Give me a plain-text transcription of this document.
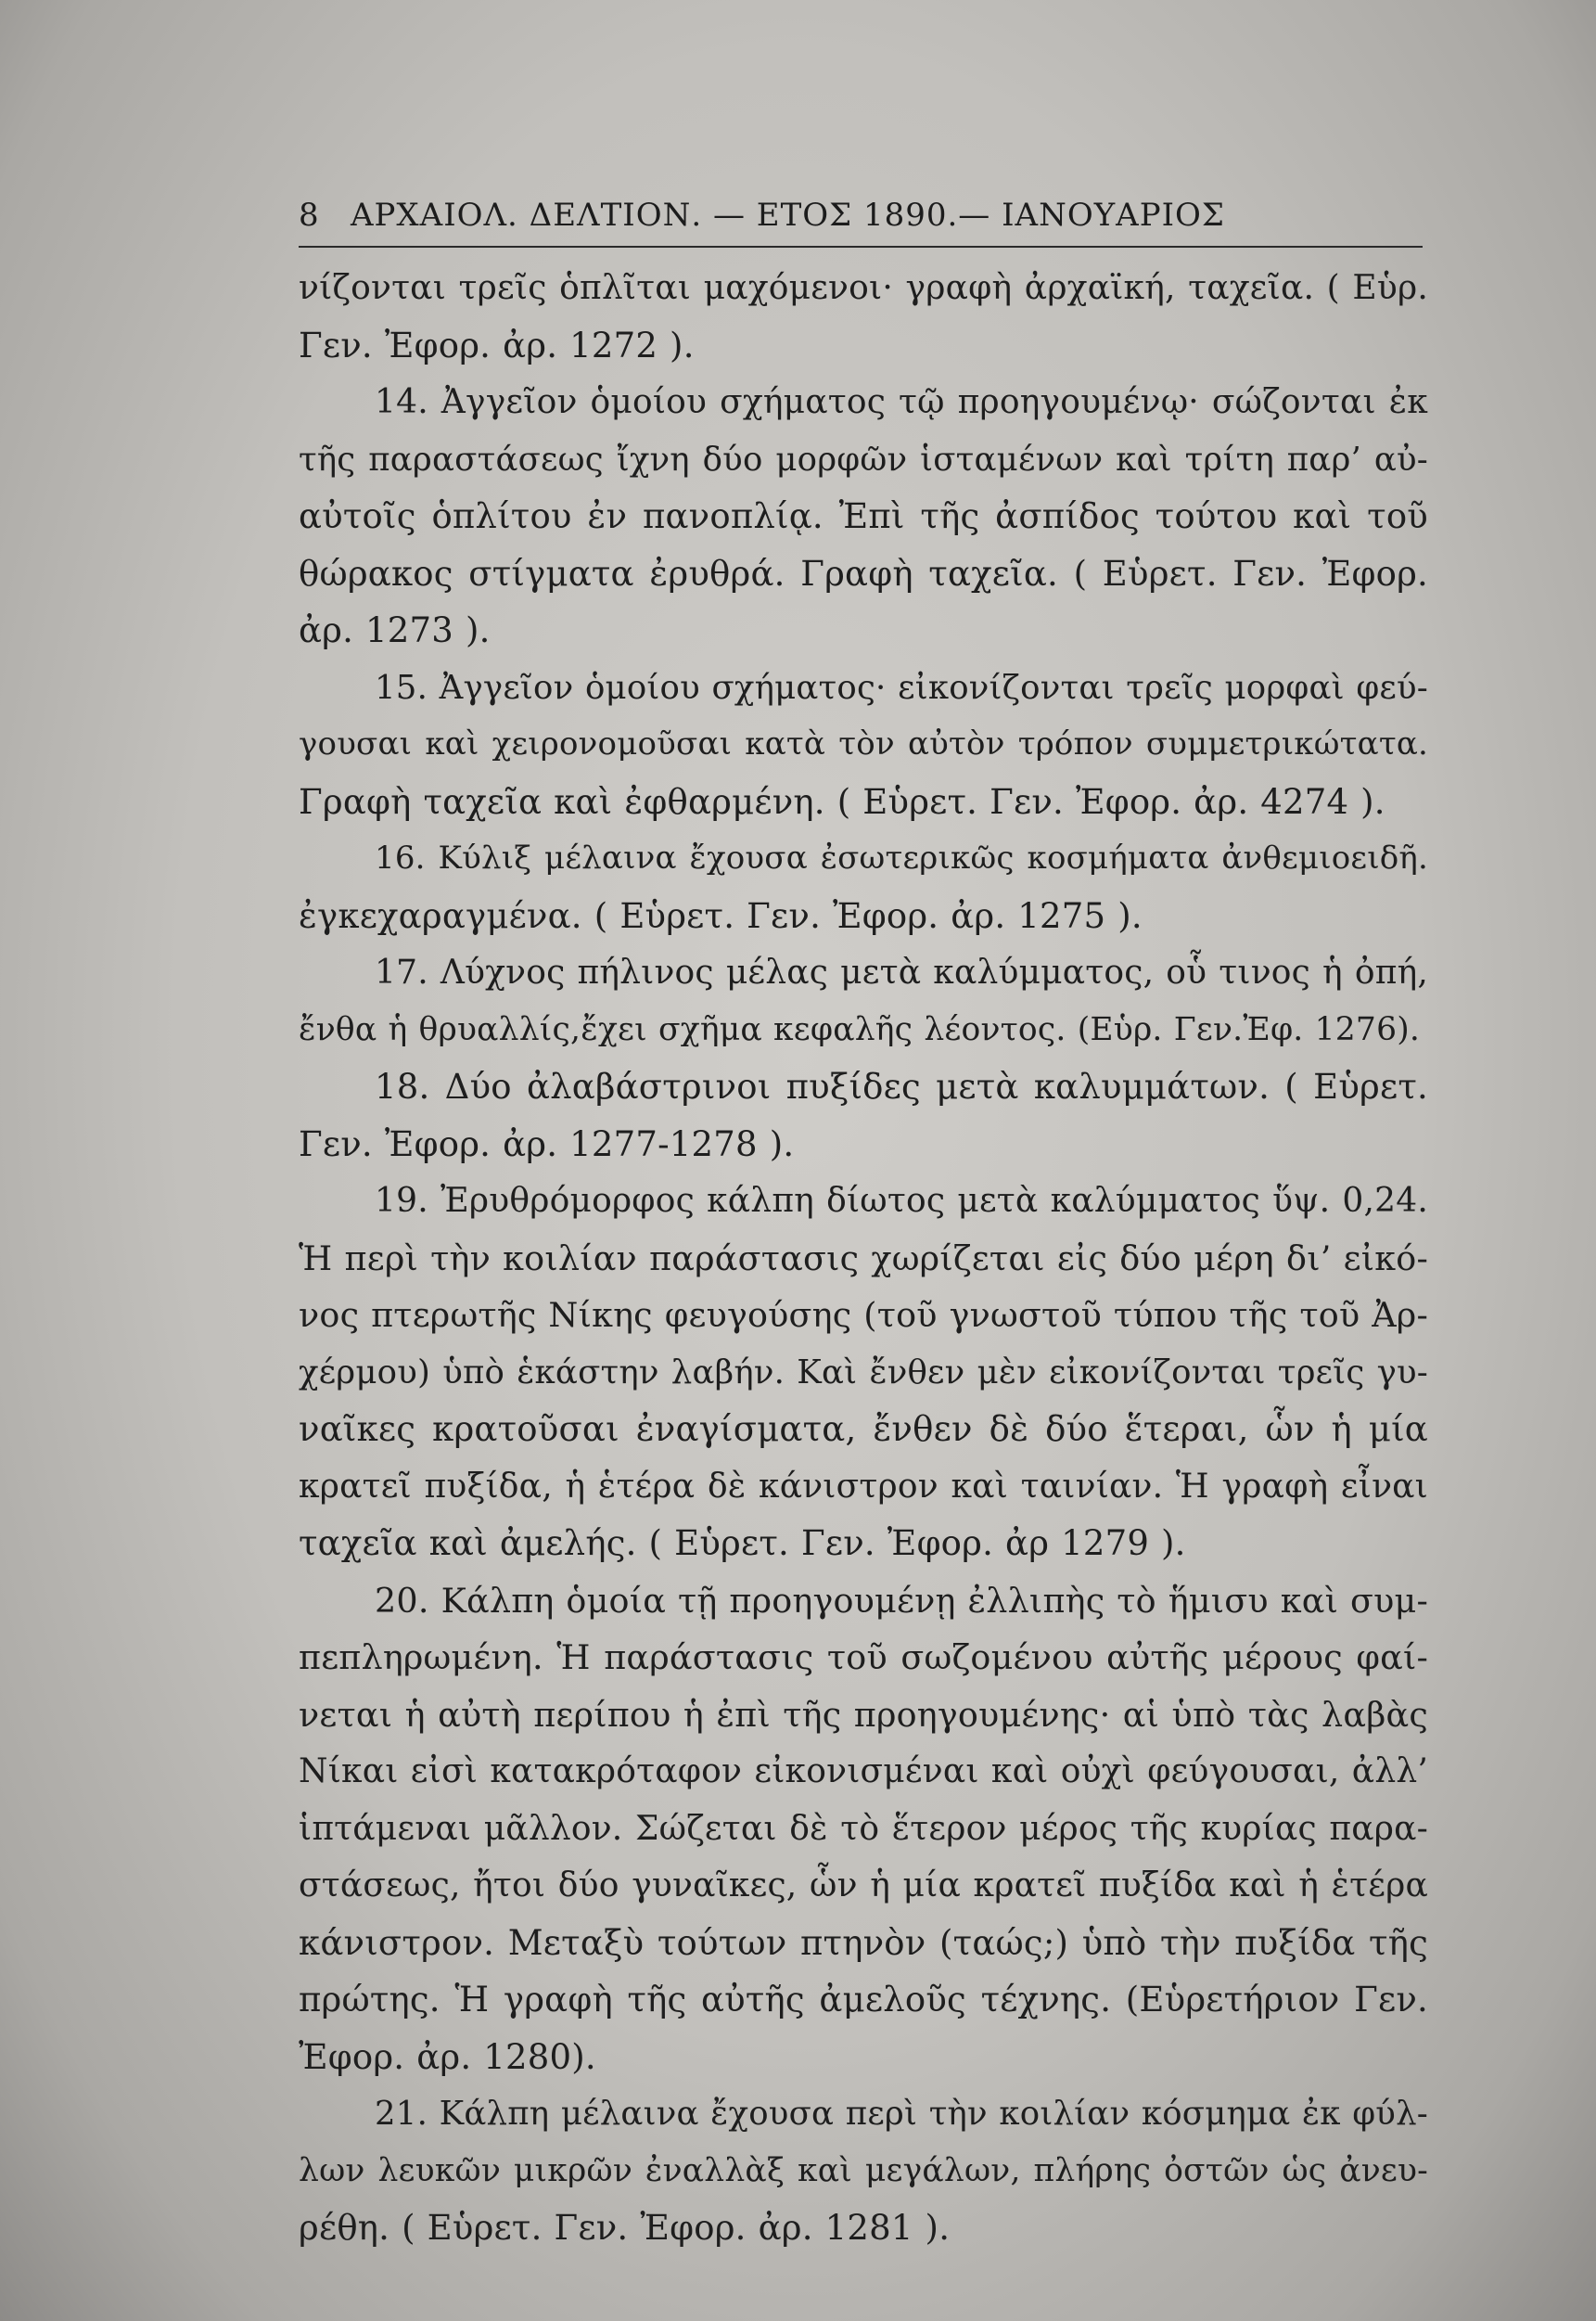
8 ΑΡΧΑΙΟΛ. ΔΕΛΤΙΟΝ. — ΕΤΟΣ 1890.— ΙΑΝΟΥΑΡΙΟΣ
νίζονται τρεῖς ὁπλῖται μαχόμενοι· γραφὴ ἀρχαϊκή, ταχεῖα. ( Εὑρ.
Γεν. Ἐφορ. ἀρ. 1272 ).
14. Ἀγγεῖον ὁμοίου σχήματος τῷ προηγουμένῳ· σώζονται ἐκ
τῆς παραστάσεως ἴχνη δύο μορφῶν ἱσταμένων καὶ τρίτη παρ’ αὐ-
αὐτοῖς ὁπλίτου ἐν πανοπλίᾳ. Ἐπὶ τῆς ἀσπίδος τούτου καὶ τοῦ
θώρακος στίγματα ἐρυθρά. Γραφὴ ταχεῖα. ( Εὑρετ. Γεν. Ἐφορ.
ἀρ. 1273 ).
15. Ἀγγεῖον ὁμοίου σχήματος· εἰκονίζονται τρεῖς μορφαὶ φεύ-
γουσαι καὶ χειρονομοῦσαι κατὰ τὸν αὐτὸν τρόπον συμμετρικώτατα.
Γραφὴ ταχεῖα καὶ ἐφθαρμένη. ( Εὑρετ. Γεν. Ἐφορ. ἀρ. 4274 ).
16. Κύλιξ μέλαινα ἔχουσα ἐσωτερικῶς κοσμήματα ἀνθεμιοειδῆ.
ἐγκεχαραγμένα. ( Εὑρετ. Γεν. Ἐφορ. ἀρ. 1275 ).
17. Λύχνος πήλινος μέλας μετὰ καλύμματος, οὗ τινος ἡ ὀπή,
ἔνθα ἡ θρυαλλίς,ἔχει σχῆμα κεφαλῆς λέοντος. (Εὑρ. Γεν.Ἐφ. 1276).
18. Δύο ἀλαβάστρινοι πυξίδες μετὰ καλυμμάτων. ( Εὑρετ.
Γεν. Ἐφορ. ἀρ. 1277-1278 ).
19. Ἐρυθρόμορφος κάλπη δίωτος μετὰ καλύμματος ὕψ. 0,24.
Ἡ περὶ τὴν κοιλίαν παράστασις χωρίζεται εἰς δύο μέρη δι’ εἰκό-
νος πτερωτῆς Νίκης φευγούσης (τοῦ γνωστοῦ τύπου τῆς τοῦ Ἀρ-
χέρμου) ὑπὸ ἑκάστην λαβήν. Καὶ ἔνθεν μὲν εἰκονίζονται τρεῖς γυ-
ναῖκες κρατοῦσαι ἐναγίσματα, ἔνθεν δὲ δύο ἕτεραι, ὧν ἡ μία
κρατεῖ πυξίδα, ἡ ἑτέρα δὲ κάνιστρον καὶ ταινίαν. Ἡ γραφὴ εἶναι
ταχεῖα καὶ ἀμελής. ( Εὑρετ. Γεν. Ἐφορ. ἀρ 1279 ).
20. Κάλπη ὁμοία τῇ προηγουμένῃ ἐλλιπὴς τὸ ἥμισυ καὶ συμ-
πεπληρωμένη. Ἡ παράστασις τοῦ σωζομένου αὐτῆς μέρους φαί-
νεται ἡ αὐτὴ περίπου ἡ ἐπὶ τῆς προηγουμένης· αἱ ὑπὸ τὰς λαβὰς
Νίκαι εἰσὶ κατακρόταφον εἰκονισμέναι καὶ οὐχὶ φεύγουσαι, ἀλλ’
ἱπτάμεναι μᾶλλον. Σώζεται δὲ τὸ ἕτερον μέρος τῆς κυρίας παρα-
στάσεως, ἤτοι δύο γυναῖκες, ὧν ἡ μία κρατεῖ πυξίδα καὶ ἡ ἑτέρα
κάνιστρον. Μεταξὺ τούτων πτηνὸν (ταώς;) ὑπὸ τὴν πυξίδα τῆς
πρώτης. Ἡ γραφὴ τῆς αὐτῆς ἀμελοῦς τέχνης. (Εὑρετήριον Γεν.
Ἐφορ. ἀρ. 1280).
21. Κάλπη μέλαινα ἔχουσα περὶ τὴν κοιλίαν κόσμημα ἐκ φύλ-
λων λευκῶν μικρῶν ἐναλλὰξ καὶ μεγάλων, πλήρης ὀστῶν ὡς ἀνευ-
ρέθη. ( Εὑρετ. Γεν. Ἐφορ. ἀρ. 1281 ).
